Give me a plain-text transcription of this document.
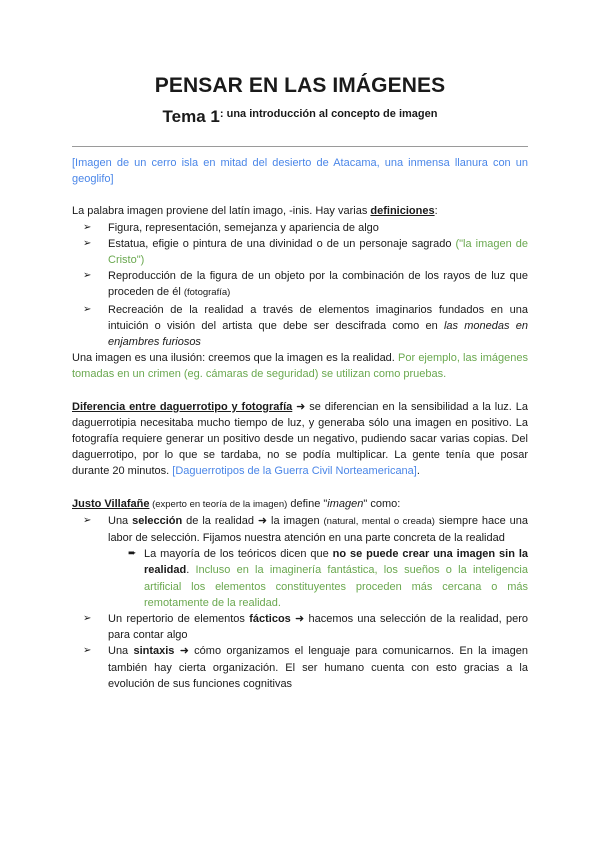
PENSAR EN LAS IMÁGENES
Tema $1^{: una introducción al concepto de imagen}$

[Imagen de un cerro isla en mitad del desierto de Atacama, una inmensa llanura con un geoglifo]

La palabra imagen proviene del latín imago, -inis. Hay varias definiciones:

➢ Figura, representación, semejanza y apariencia de algo
➢ Estatua, efigie o pintura de una divinidad o de un personaje sagrado ("la imagen de Cristo")
➢ Reproducción de la figura de un objeto por la combinación de los rayos de luz que proceden de él (fotografía)
➢ Recreación de la realidad a través de elementos imaginarios fundados en una intuición o visión del artista que debe ser descifrada como en las monedas en enjambres furiosos

Una imagen es una ilusión: creemos que la imagen es la realidad. Por ejemplo, las imágenes tomadas en un crimen (eg. cámaras de seguridad) se utilizan como pruebas.

Diferencia entre daguerrotipo y fotografía ➜ se diferencian en la sensibilidad a la luz. La daguerrotipia necesitaba mucho tiempo de luz, y generaba sólo una imagen en positivo. La fotografía requiere generar un positivo desde un negativo, pudiendo sacar varias copias. Del daguerrotipo, por lo que se tardaba, no se podía multiplicar. La gente tenía que posar durante 20 minutos. [Daguerrotipos de la Guerra Civil Norteamericana].

Justo Villafañe (experto en teoría de la imagen) define "imagen" como:

➢ Una selección de la realidad ➜ la imagen (natural, mental o creada) siempre hace una labor de selección. Fijamos nuestra atención en una parte concreta de la realidad
➨ La mayoría de los teóricos dicen que no se puede crear una imagen sin la realidad. Incluso en la imaginería fantástica, los sueños o la inteligencia artificial los elementos constituyentes proceden más cercana o más remotamente de la realidad.
➢ Un repertorio de elementos fácticos ➜ hacemos una selección de la realidad, pero para contar algo
➢ Una sintaxis ➜ cómo organizamos el lenguaje para comunicarnos. En la imagen también hay cierta organización. El ser humano cuenta con esto gracias a la evolución de sus funciones cognitivas
